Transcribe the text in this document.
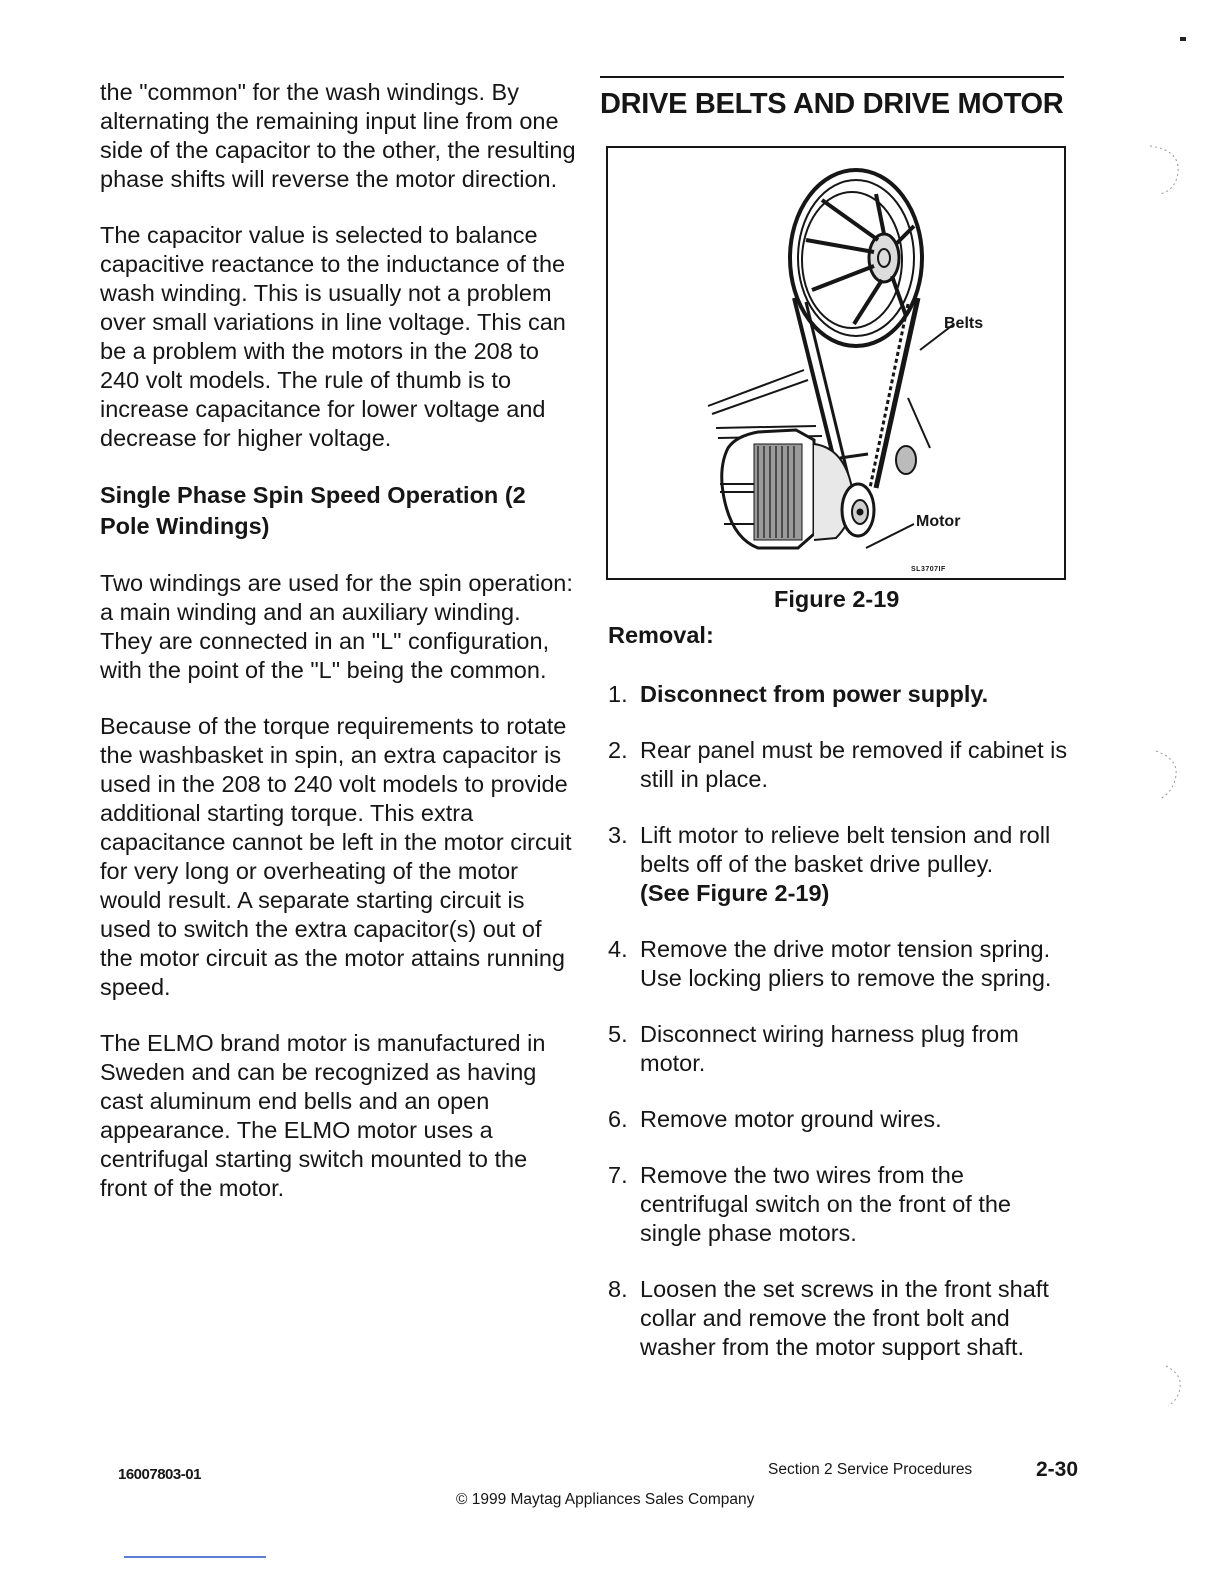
the "common" for the wash windings. By alternating the remaining input line from one side of the capacitor to the other, the resulting phase shifts will reverse the motor direction.

The capacitor value is selected to balance capacitive reactance to the inductance of the wash winding. This is usually not a problem over small variations in line voltage. This can be a problem with the motors in the 208 to 240 volt models. The rule of thumb is to increase capacitance for lower voltage and decrease for higher voltage.

Single Phase Spin Speed Operation (2 Pole Windings)

Two windings are used for the spin operation: a main winding and an auxiliary winding. They are connected in an "L" configuration, with the point of the "L" being the common.

Because of the torque requirements to rotate the washbasket in spin, an extra capacitor is used in the 208 to 240 volt models to provide additional starting torque. This extra capacitance cannot be left in the motor circuit for very long or overheating of the motor would result. A separate starting circuit is used to switch the extra capacitor(s) out of the motor circuit as the motor attains running speed.

The ELMO brand motor is manufactured in Sweden and can be recognized as having cast aluminum end bells and an open appearance. The ELMO motor uses a centrifugal starting switch mounted to the front of the motor.

DRIVE BELTS AND DRIVE MOTOR
Belts
Motor
SL3707IF
Figure 2-19
Removal:
1. Disconnect from power supply.
2. Rear panel must be removed if cabinet is still in place.
3. Lift motor to relieve belt tension and roll belts off of the basket drive pulley.
(See Figure 2-19)
4. Remove the drive motor tension spring. Use locking pliers to remove the spring.
5. Disconnect wiring harness plug from motor.
6. Remove motor ground wires.
7. Remove the two wires from the centrifugal switch on the front of the single phase motors.
8. Loosen the set screws in the front shaft collar and remove the front bolt and washer from the motor support shaft.
16007803-01	Section 2 Service Procedures	2-30
© 1999 Maytag Appliances Sales Company
